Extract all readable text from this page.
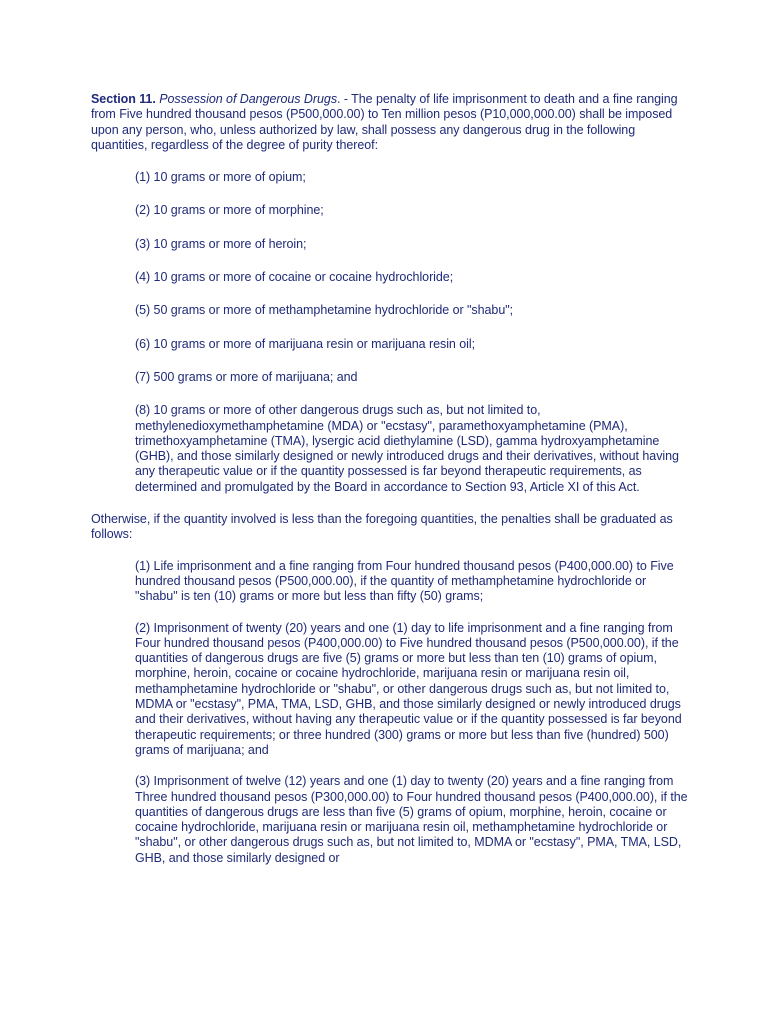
Section 11. Possession of Dangerous Drugs. - The penalty of life imprisonment to death and a fine ranging from Five hundred thousand pesos (P500,000.00) to Ten million pesos (P10,000,000.00) shall be imposed upon any person, who, unless authorized by law, shall possess any dangerous drug in the following quantities, regardless of the degree of purity thereof:

(1) 10 grams or more of opium;

(2) 10 grams or more of morphine;

(3) 10 grams or more of heroin;

(4) 10 grams or more of cocaine or cocaine hydrochloride;

(5) 50 grams or more of methamphetamine hydrochloride or "shabu";

(6) 10 grams or more of marijuana resin or marijuana resin oil;

(7) 500 grams or more of marijuana; and

(8) 10 grams or more of other dangerous drugs such as, but not limited to, methylenedioxymethamphetamine (MDA) or "ecstasy", paramethoxyamphetamine (PMA), trimethoxyamphetamine (TMA), lysergic acid diethylamine (LSD), gamma hydroxyamphetamine (GHB), and those similarly designed or newly introduced drugs and their derivatives, without having any therapeutic value or if the quantity possessed is far beyond therapeutic requirements, as determined and promulgated by the Board in accordance to Section 93, Article XI of this Act.

Otherwise, if the quantity involved is less than the foregoing quantities, the penalties shall be graduated as follows:

(1) Life imprisonment and a fine ranging from Four hundred thousand pesos (P400,000.00) to Five hundred thousand pesos (P500,000.00), if the quantity of methamphetamine hydrochloride or "shabu" is ten (10) grams or more but less than fifty (50) grams;

(2) Imprisonment of twenty (20) years and one (1) day to life imprisonment and a fine ranging from Four hundred thousand pesos (P400,000.00) to Five hundred thousand pesos (P500,000.00), if the quantities of dangerous drugs are five (5) grams or more but less than ten (10) grams of opium, morphine, heroin, cocaine or cocaine hydrochloride, marijuana resin or marijuana resin oil, methamphetamine hydrochloride or "shabu", or other dangerous drugs such as, but not limited to, MDMA or "ecstasy", PMA, TMA, LSD, GHB, and those similarly designed or newly introduced drugs and their derivatives, without having any therapeutic value or if the quantity possessed is far beyond therapeutic requirements; or three hundred (300) grams or more but less than five (hundred) 500) grams of marijuana; and

(3) Imprisonment of twelve (12) years and one (1) day to twenty (20) years and a fine ranging from Three hundred thousand pesos (P300,000.00) to Four hundred thousand pesos (P400,000.00), if the quantities of dangerous drugs are less than five (5) grams of opium, morphine, heroin, cocaine or cocaine hydrochloride, marijuana resin or marijuana resin oil, methamphetamine hydrochloride or "shabu", or other dangerous drugs such as, but not limited to, MDMA or "ecstasy", PMA, TMA, LSD, GHB, and those similarly designed or
